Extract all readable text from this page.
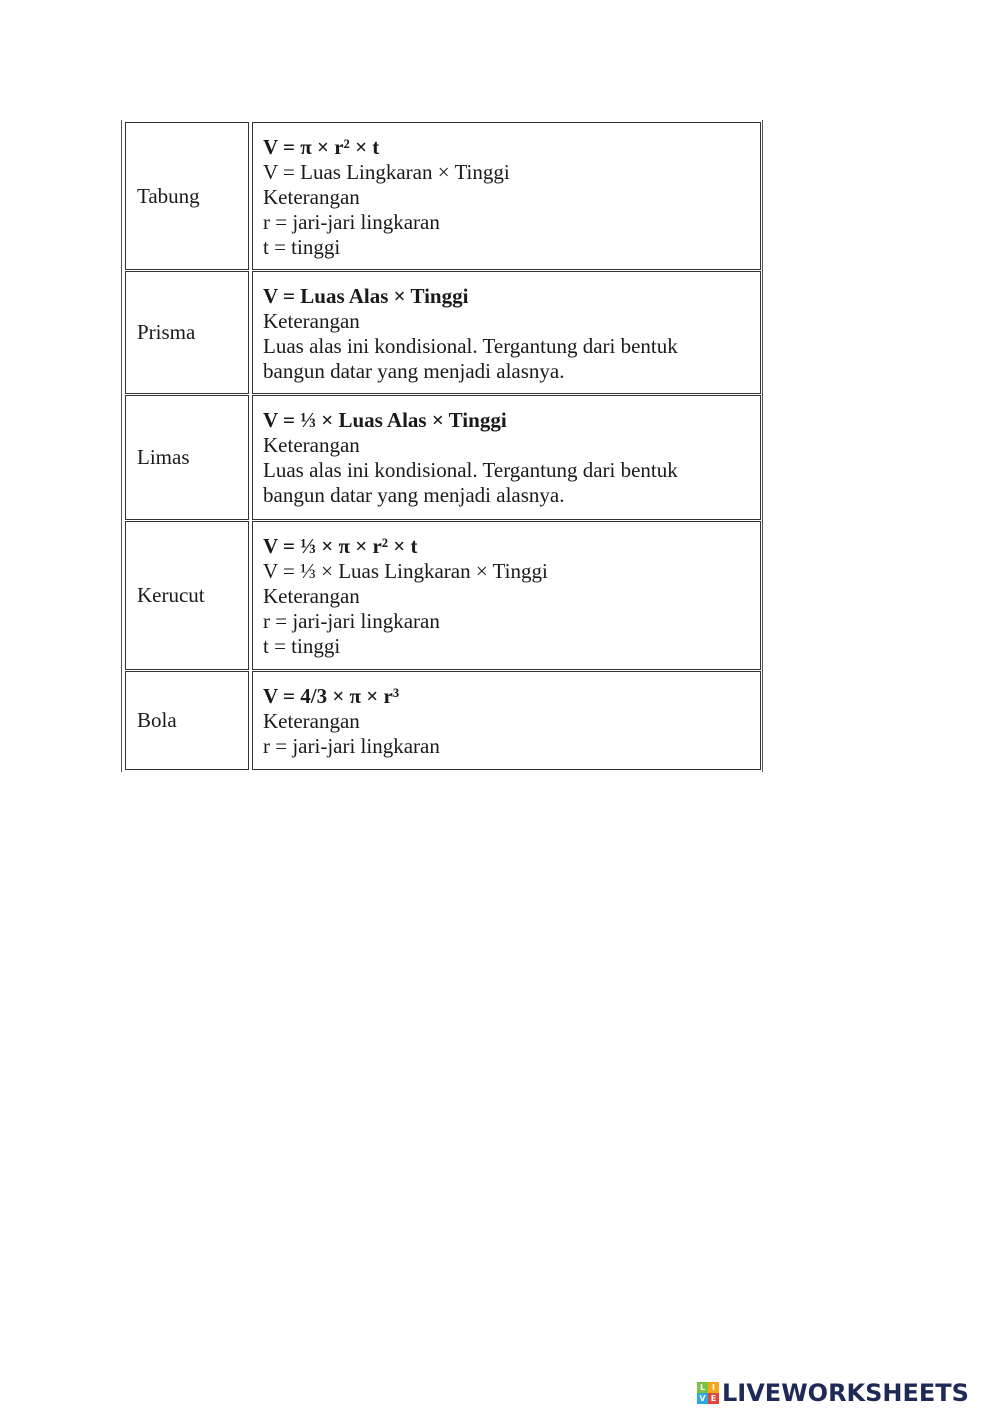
Tabung
V = π × r² × t
V = Luas Lingkaran × Tinggi
Keterangan
r = jari-jari lingkaran
t = tinggi
Prisma
V = Luas Alas × Tinggi
Keterangan
Luas alas ini kondisional. Tergantung dari bentuk
bangun datar yang menjadi alasnya.
Limas
V = ⅓ × Luas Alas × Tinggi
Keterangan
Luas alas ini kondisional. Tergantung dari bentuk
bangun datar yang menjadi alasnya.
Kerucut
V = ⅓ × π × r² × t
V = ⅓ × Luas Lingkaran × Tinggi
Keterangan
r = jari-jari lingkaran
t = tinggi
Bola
V = 4/3 × π × r³
Keterangan
r = jari-jari lingkaran
L I
V E LIVEWORKSHEETS
